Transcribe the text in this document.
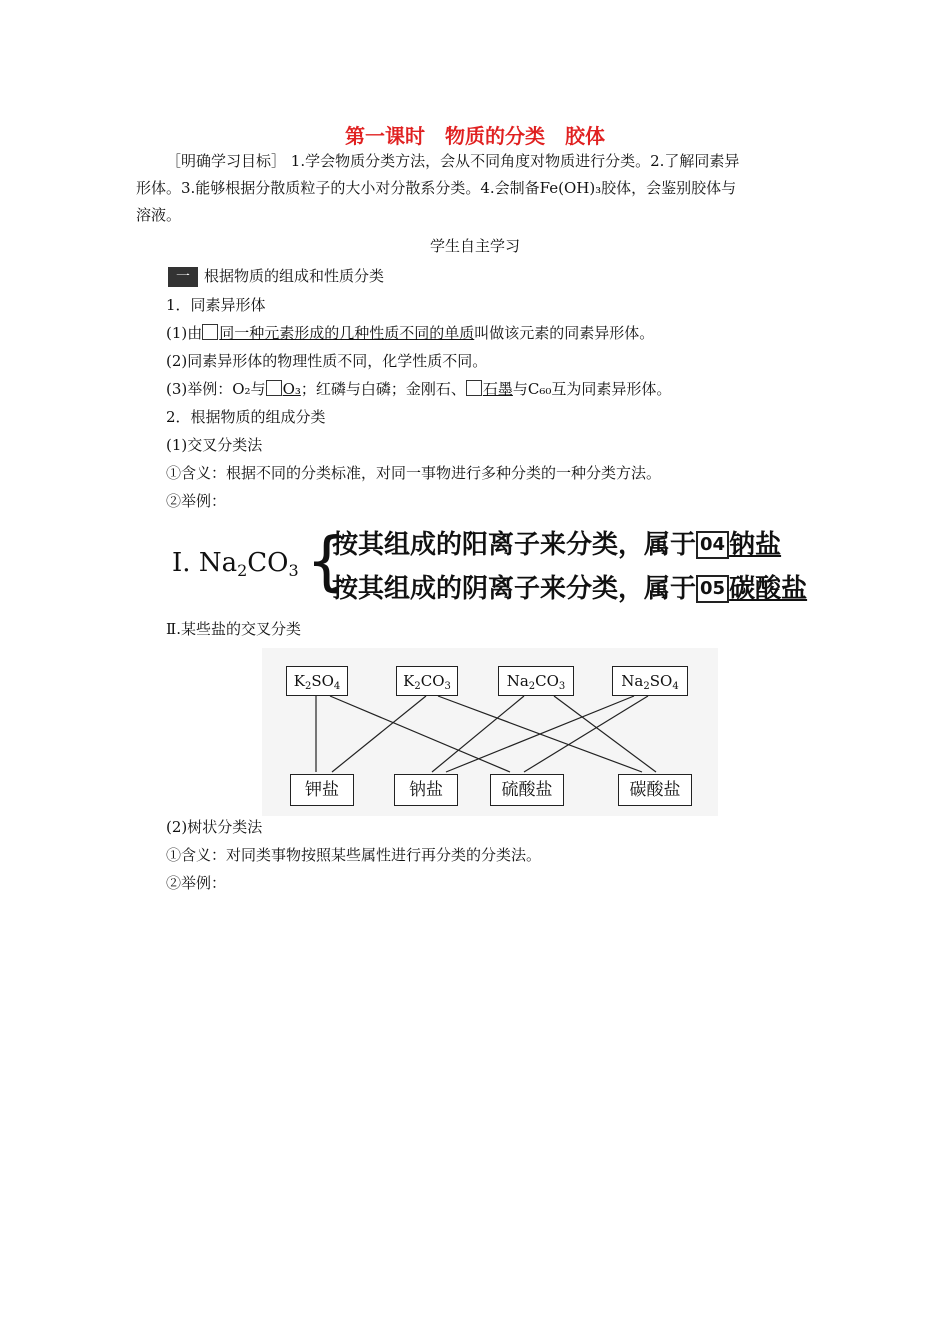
第一课时　物质的分类　胶体
［明确学习目标］ 1.学会物质分类方法，会从不同角度对物质进行分类。2.了解同素异
形体。3.能够根据分散质粒子的大小对分散系分类。4.会制备Fe(OH)₃胶体，会鉴别胶体与
溶液。
学生自主学习
一 根据物质的组成和性质分类
1．同素异形体
(1)由 同一种元素形成的几种性质不同的单质叫做该元素的同素异形体。
(2)同素异形体的物理性质不同，化学性质不同。
(3)举例：O₂与 O₃；红磷与白磷；金刚石、 石墨与C₆₀互为同素异形体。
2．根据物质的组成分类
(1)交叉分类法
①含义：根据不同的分类标准，对同一事物进行多种分类的一种分类方法。
②举例：
Ⅰ. Na2CO3 {
按其组成的阳离子来分类，属于 04 钠盐
按其组成的阴离子来分类，属于 05 碳酸盐
Ⅱ.某些盐的交叉分类
$K_2SO_4$	$K_2CO_3$	$Na_2CO_3$	$Na_2SO_4$
钾盐	钠盐	硫酸盐	碳酸盐
(2)树状分类法
①含义：对同类事物按照某些属性进行再分类的分类法。
②举例：
